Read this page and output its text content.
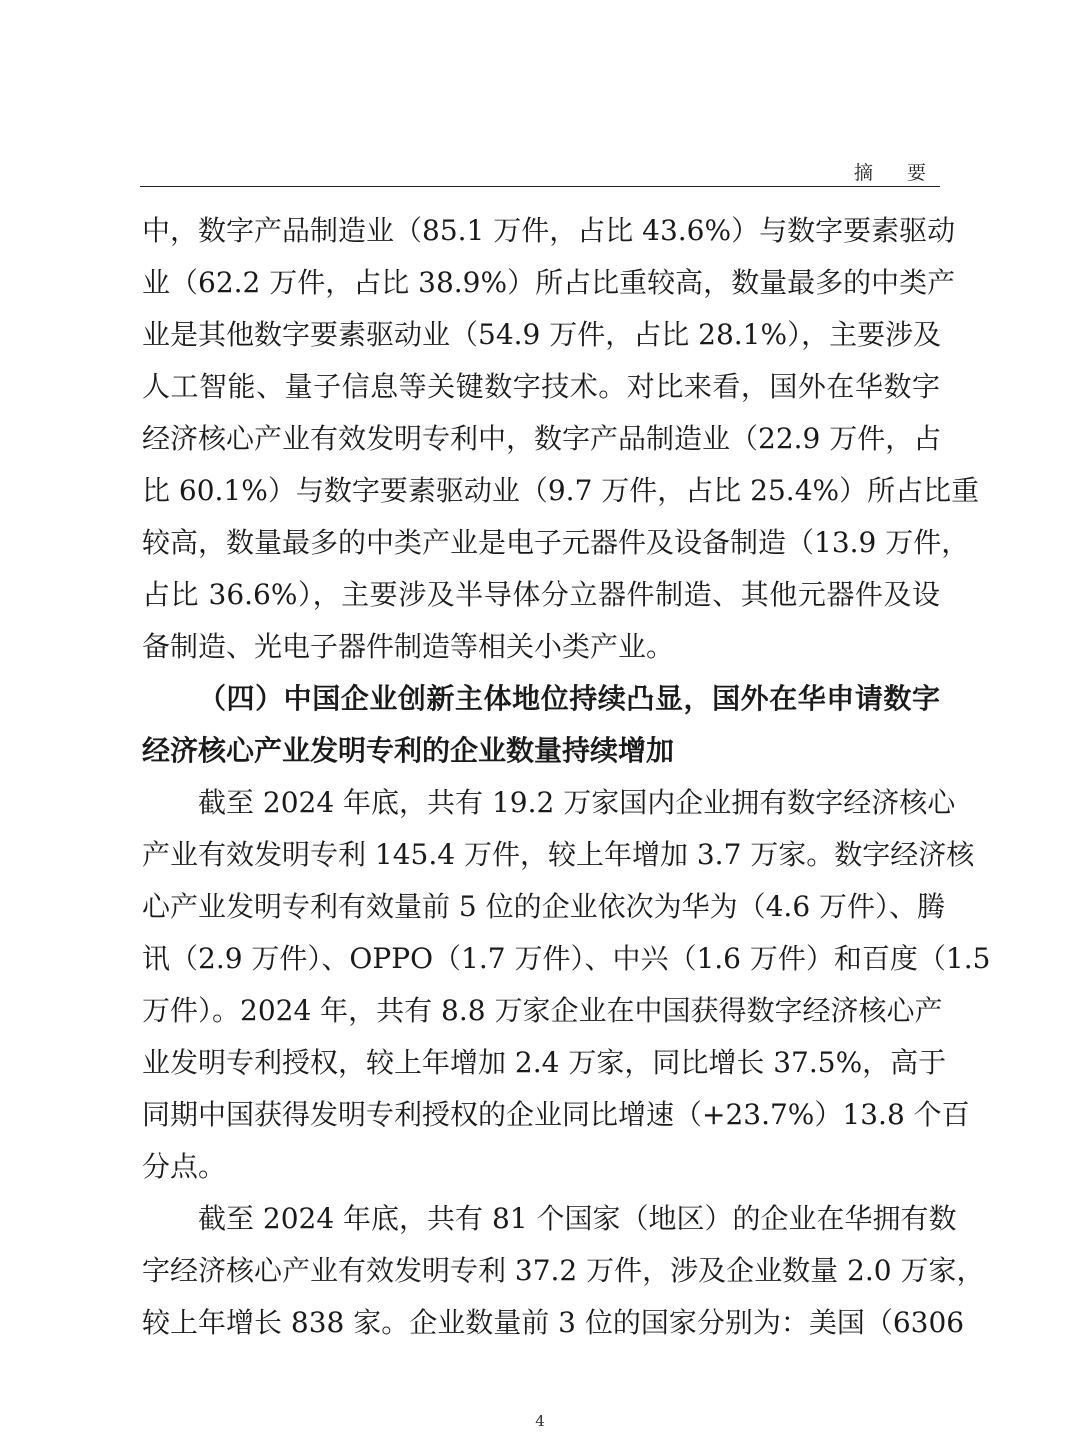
摘 要
中，数字产品制造业（85.1 万件，占比 43.6%）与数字要素驱动
业（62.2 万件，占比 38.9%）所占比重较高，数量最多的中类产
业是其他数字要素驱动业（54.9 万件，占比 28.1%），主要涉及
人工智能、量子信息等关键数字技术。对比来看，国外在华数字
经济核心产业有效发明专利中，数字产品制造业（22.9 万件，占
比 60.1%）与数字要素驱动业（9.7 万件，占比 25.4%）所占比重
较高，数量最多的中类产业是电子元器件及设备制造（13.9 万件，
占比 36.6%），主要涉及半导体分立器件制造、其他元器件及设
备制造、光电子器件制造等相关小类产业。
（四）中国企业创新主体地位持续凸显，国外在华申请数字
经济核心产业发明专利的企业数量持续增加
截至 2024 年底，共有 19.2 万家国内企业拥有数字经济核心
产业有效发明专利 145.4 万件，较上年增加 3.7 万家。数字经济核
心产业发明专利有效量前 5 位的企业依次为华为（4.6 万件）、腾
讯（2.9 万件）、OPPO（1.7 万件）、中兴（1.6 万件）和百度（1.5
万件）。2024 年，共有 8.8 万家企业在中国获得数字经济核心产
业发明专利授权，较上年增加 2.4 万家，同比增长 37.5%，高于
同期中国获得发明专利授权的企业同比增速（+23.7%）13.8 个百
分点。
截至 2024 年底，共有 81 个国家（地区）的企业在华拥有数
字经济核心产业有效发明专利 37.2 万件，涉及企业数量 2.0 万家，
较上年增长 838 家。企业数量前 3 位的国家分别为：美国（6306
4
